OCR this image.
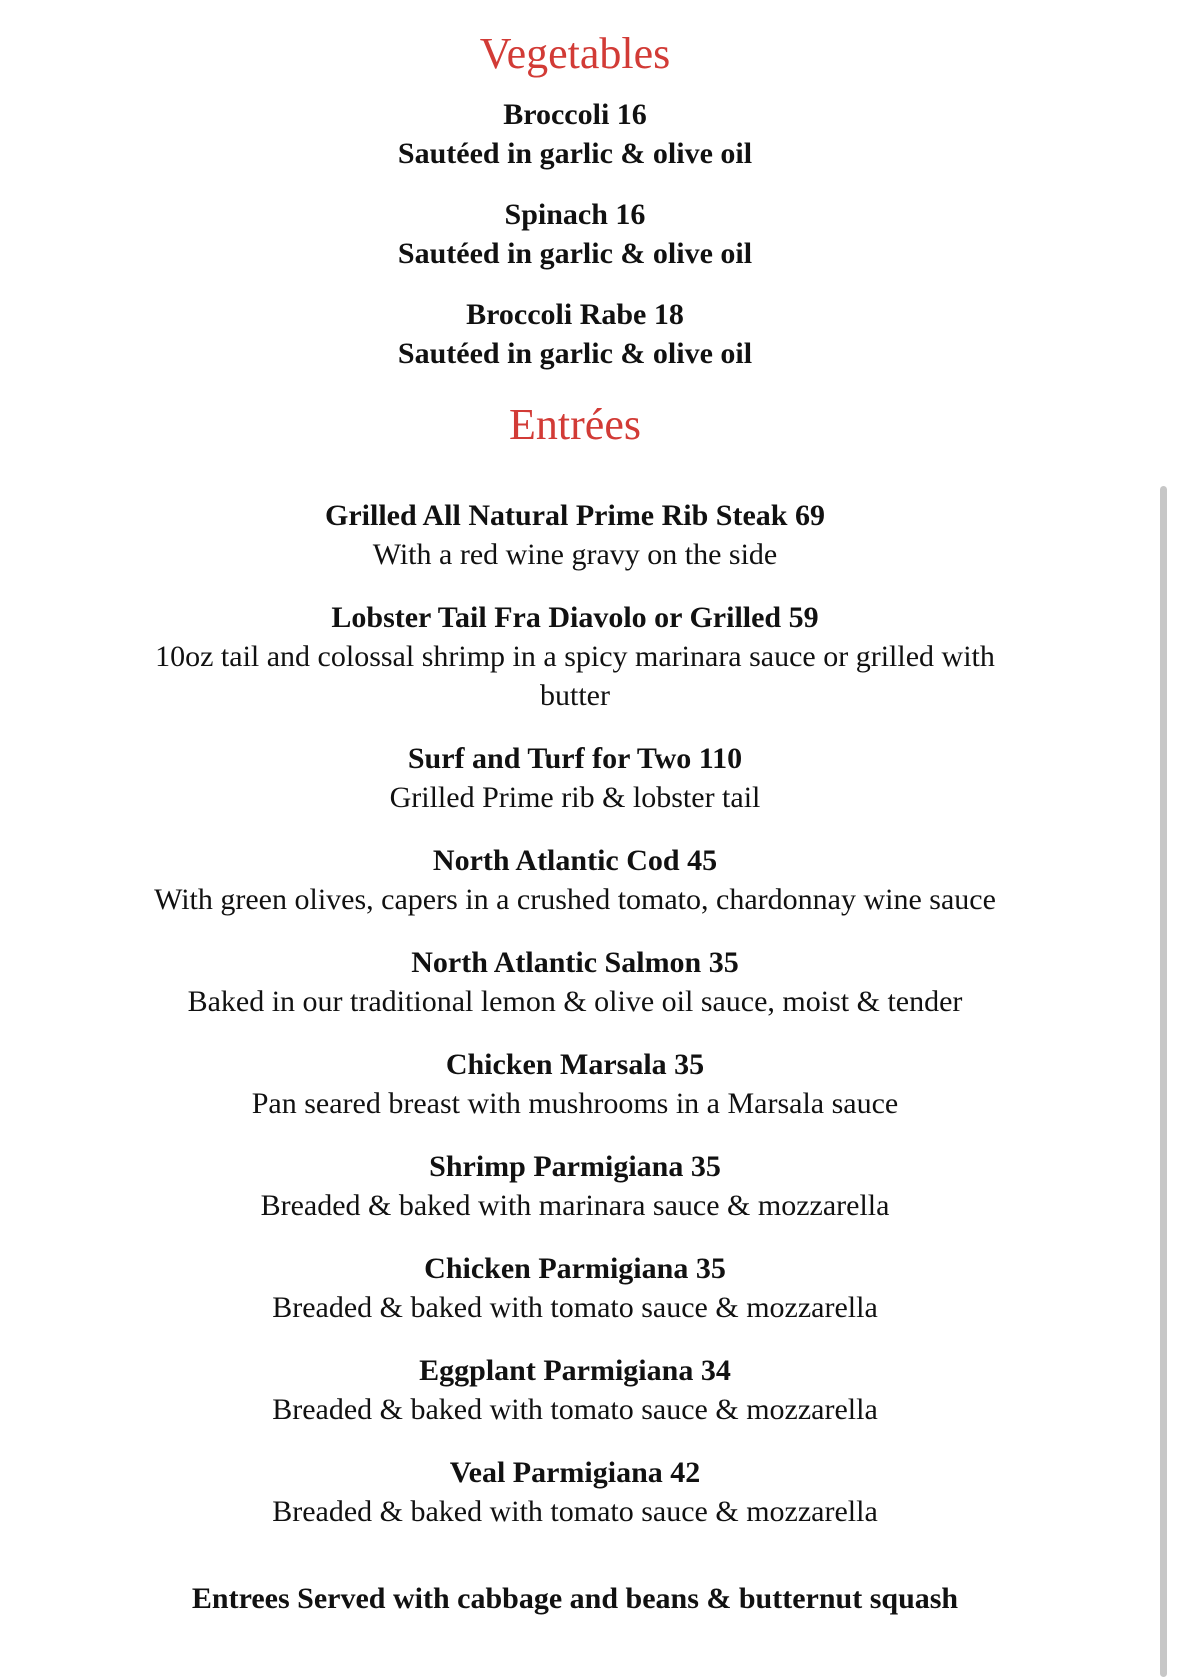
Vegetables
Broccoli 16
Sautéed in garlic & olive oil
Spinach 16
Sautéed in garlic & olive oil
Broccoli Rabe 18
Sautéed in garlic & olive oil
Entrées
Grilled All Natural Prime Rib Steak 69
With a red wine gravy on the side
Lobster Tail Fra Diavolo or Grilled 59
10oz tail and colossal shrimp in a spicy marinara sauce or grilled with butter
Surf and Turf for Two 110
Grilled Prime rib & lobster tail
North Atlantic Cod 45
With green olives, capers in a crushed tomato, chardonnay wine sauce
North Atlantic Salmon 35
Baked in our traditional lemon & olive oil sauce, moist & tender
Chicken Marsala 35
Pan seared breast with mushrooms in a Marsala sauce
Shrimp Parmigiana 35
Breaded & baked with marinara sauce & mozzarella
Chicken Parmigiana 35
Breaded & baked with tomato sauce & mozzarella
Eggplant Parmigiana 34
Breaded & baked with tomato sauce & mozzarella
Veal Parmigiana 42
Breaded & baked with tomato sauce & mozzarella
Entrees Served with cabbage and beans & butternut squash
